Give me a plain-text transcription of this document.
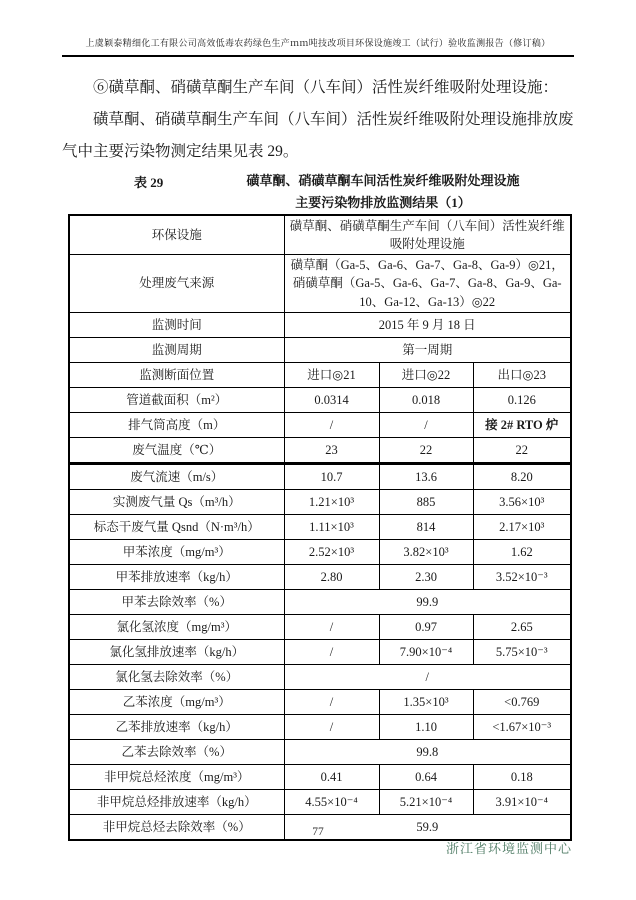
上虞颖泰精细化工有限公司高效低毒农药绿色生产ｍｍ吨技改项目环保设施竣工（试行）验收监测报告（修订稿）

⑥磺草酮、硝磺草酮生产车间（八车间）活性炭纤维吸附处理设施：

磺草酮、硝磺草酮生产车间（八车间）活性炭纤维吸附处理设施排放废气中主要污染物测定结果见表 29。

表 29	磺草酮、硝磺草酮车间活性炭纤维吸附处理设施
主要污染物排放监测结果（1）
环保设施	磺草酮、硝磺草酮生产车间（八车间）活性炭纤维吸附处理设施		
处理废气来源	磺草酮（Ga-5、Ga-6、Ga-7、Ga-8、Ga-9）◎21，硝磺草酮（Ga-5、Ga-6、Ga-7、Ga-8、Ga-9、Ga-10、Ga-12、Ga-13）◎22		
监测时间	2015 年 9 月 18 日		
监测周期	第一周期		
监测断面位置	进口◎21	进口◎22	出口◎23
管道截面积（m²）	0.0314	0.018	0.126
排气筒高度（m）	/	/	接 2# RTO 炉
废气温度（℃）	23	22	22
废气流速（m/s）	10.7	13.6	8.20
实测废气量 Qs（m³/h）	1.21×10³	885	3.56×10³
标态干废气量 Qsnd（N·m³/h）	1.11×10³	814	2.17×10³
甲苯浓度（mg/m³）	2.52×10³	3.82×10³	1.62
甲苯排放速率（kg/h）	2.80	2.30	3.52×10⁻³
甲苯去除效率（%）	99.9		
氯化氢浓度（mg/m³）	/	0.97	2.65
氯化氢排放速率（kg/h）	/	7.90×10⁻⁴	5.75×10⁻³
氯化氢去除效率（%）	/		
乙苯浓度（mg/m³）	/	1.35×10³	<0.769
乙苯排放速率（kg/h）	/	1.10	<1.67×10⁻³
乙苯去除效率（%）	99.8		
非甲烷总烃浓度（mg/m³）	0.41	0.64	0.18
非甲烷总烃排放速率（kg/h）	4.55×10⁻⁴	5.21×10⁻⁴	3.91×10⁻⁴
非甲烷总烃去除效率（%）	59.9		
77
浙江省环境监测中心
